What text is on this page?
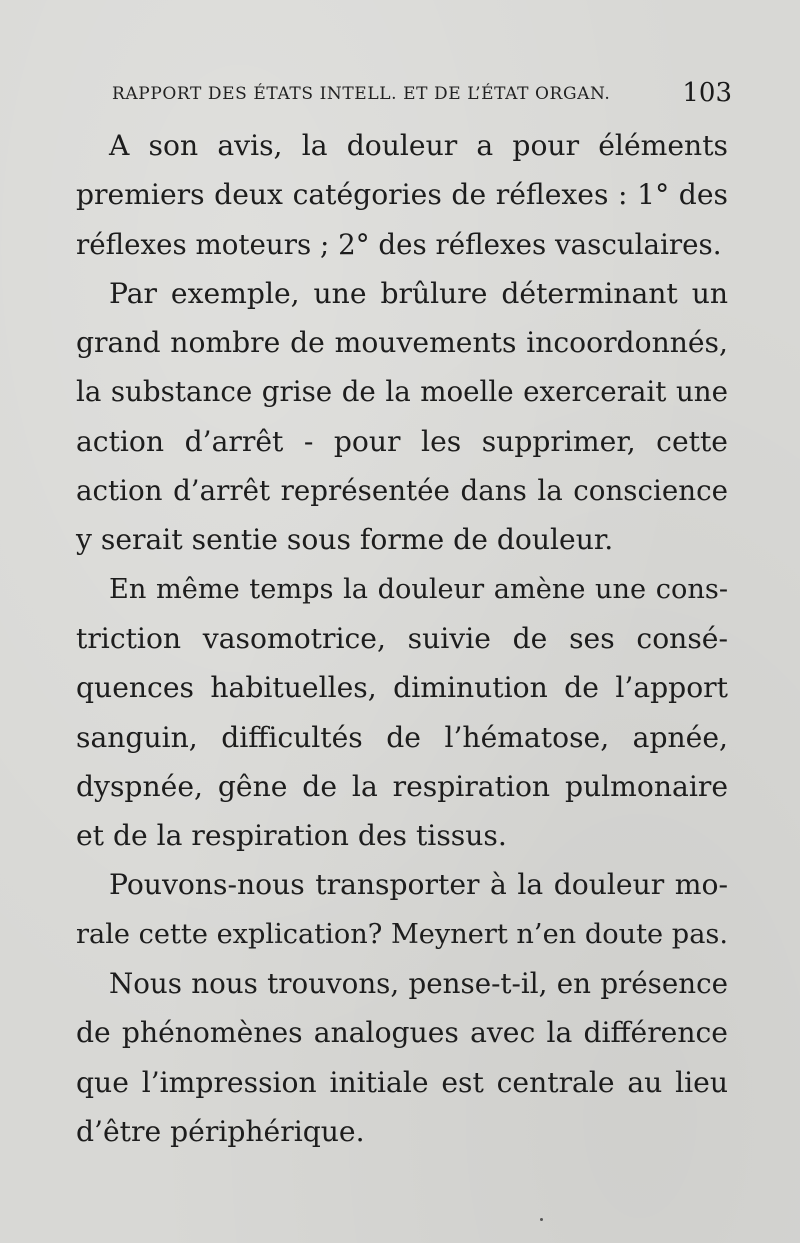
RAPPORT DES ÉTATS INTELL. ET DE L’ÉTAT ORGAN.	103
A son avis, la douleur a pour éléments
premiers deux catégories de réflexes : 1° des
réflexes moteurs ; 2° des réflexes vasculaires.
Par exemple, une brûlure déterminant un
grand nombre de mouvements incoordonnés,
la substance grise de la moelle exercerait une
action d’arrêt - pour les supprimer, cette
action d’arrêt représentée dans la conscience
y serait sentie sous forme de douleur.
En même temps la douleur amène une cons-
triction vasomotrice, suivie de ses consé-
quences habituelles, diminution de l’apport
sanguin, difficultés de l’hématose, apnée,
dyspnée, gêne de la respiration pulmonaire
et de la respiration des tissus.
Pouvons-nous transporter à la douleur mo-
rale cette explication? Meynert n’en doute pas.
Nous nous trouvons, pense-t-il, en présence
de phénomènes analogues avec la différence
que l’impression initiale est centrale au lieu
d’être périphérique.
